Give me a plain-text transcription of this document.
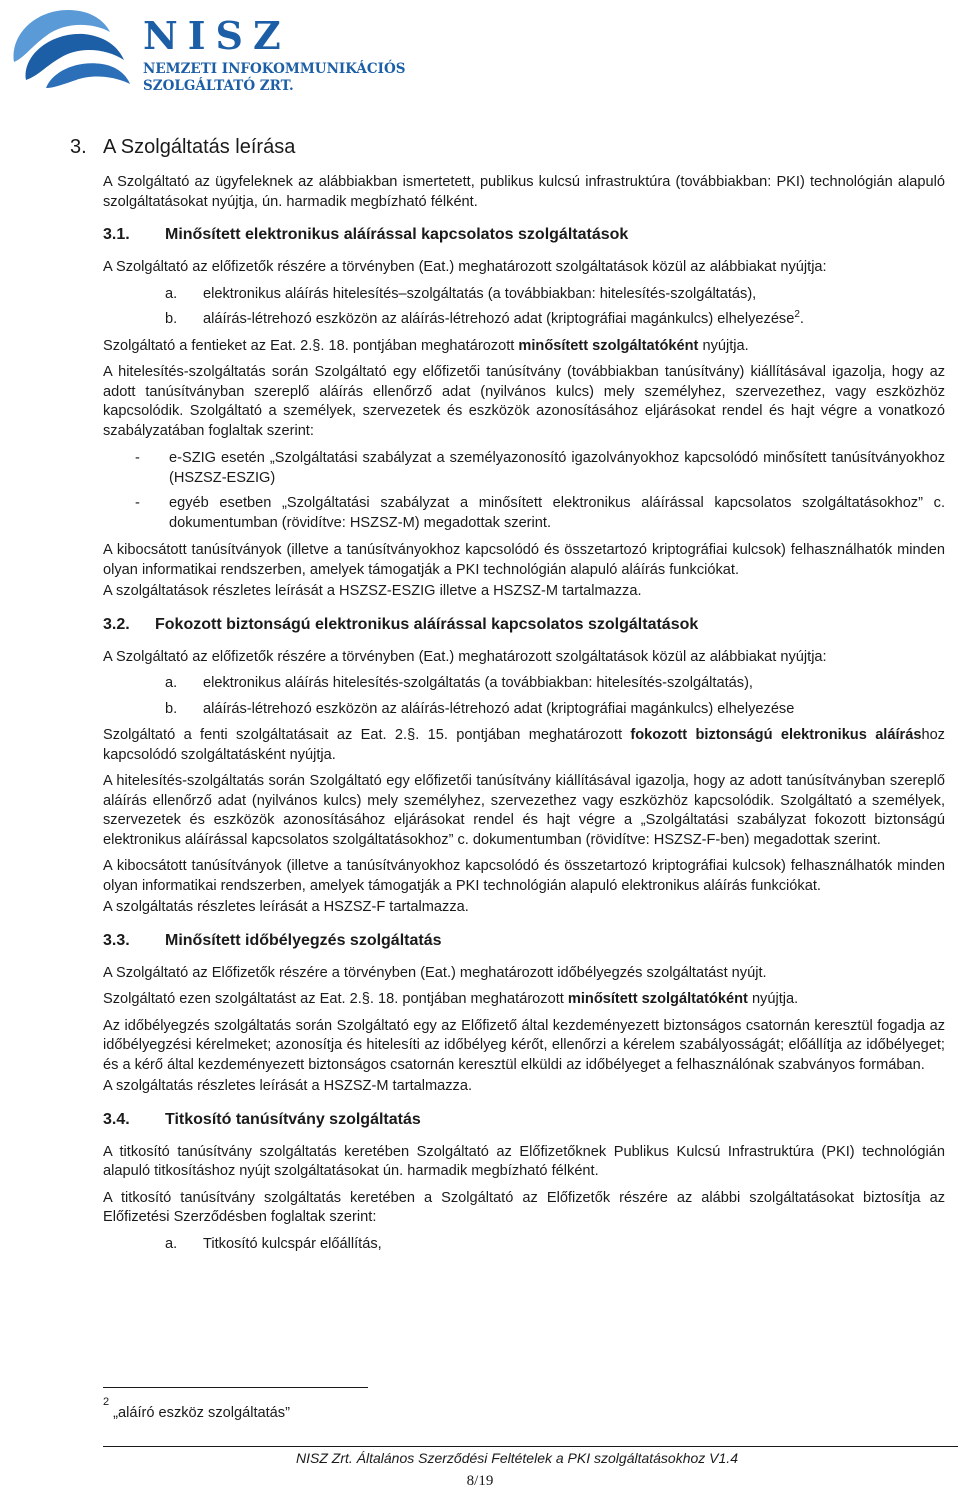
NISZ
NEMZETI INFOKOMMUNIKÁCIÓS
SZOLGÁLTATÓ ZRT.
3. A Szolgáltatás leírása

A Szolgáltató az ügyfeleknek az alábbiakban ismertetett, publikus kulcsú infrastruktúra (továbbiakban: PKI) technológián alapuló szolgáltatásokat nyújtja, ún. harmadik megbízható félként.

3.1. Minősített elektronikus aláírással kapcsolatos szolgáltatások

A Szolgáltató az előfizetők részére a törvényben (Eat.) meghatározott szolgáltatások közül az alábbiakat nyújtja:

a. elektronikus aláírás hitelesítés–szolgáltatás (a továbbiakban: hitelesítés-szolgáltatás),
b. aláírás-létrehozó eszközön az aláírás-létrehozó adat (kriptográfiai magánkulcs) elhelyezése$^2$.

Szolgáltató a fentieket az Eat. 2.§. 18. pontjában meghatározott minősített szolgáltatóként nyújtja.

A hitelesítés-szolgáltatás során Szolgáltató egy előfizetői tanúsítvány (továbbiakban tanúsítvány) kiállításával igazolja, hogy az adott tanúsítványban szereplő aláírás ellenőrző adat (nyilvános kulcs) mely személyhez, szervezethez, vagy eszközhöz kapcsolódik. Szolgáltató a személyek, szervezetek és eszközök azonosításához eljárásokat rendel és hajt végre a vonatkozó szabályzatában foglaltak szerint:

- e-SZIG esetén „Szolgáltatási szabályzat a személyazonosító igazolványokhoz kapcsolódó minősített tanúsítványokhoz (HSZSZ-ESZIG)
- egyéb esetben „Szolgáltatási szabályzat a minősített elektronikus aláírással kapcsolatos szolgáltatásokhoz” c. dokumentumban (rövidítve: HSZSZ-M) megadottak szerint.

A kibocsátott tanúsítványok (illetve a tanúsítványokhoz kapcsolódó és összetartozó kriptográfiai kulcsok) felhasználhatók minden olyan informatikai rendszerben, amelyek támogatják a PKI technológián alapuló aláírás funkciókat.

A szolgáltatások részletes leírását a HSZSZ-ESZIG illetve a HSZSZ-M tartalmazza.

3.2. Fokozott biztonságú elektronikus aláírással kapcsolatos szolgáltatások

A Szolgáltató az előfizetők részére a törvényben (Eat.) meghatározott szolgáltatások közül az alábbiakat nyújtja:

a. elektronikus aláírás hitelesítés-szolgáltatás (a továbbiakban: hitelesítés-szolgáltatás),
b. aláírás-létrehozó eszközön az aláírás-létrehozó adat (kriptográfiai magánkulcs) elhelyezése

Szolgáltató a fenti szolgáltatásait az Eat. 2.§. 15. pontjában meghatározott fokozott biztonságú elektronikus aláíráshoz kapcsolódó szolgáltatásként nyújtja.

A hitelesítés-szolgáltatás során Szolgáltató egy előfizetői tanúsítvány kiállításával igazolja, hogy az adott tanúsítványban szereplő aláírás ellenőrző adat (nyilvános kulcs) mely személyhez, szervezethez vagy eszközhöz kapcsolódik. Szolgáltató a személyek, szervezetek és eszközök azonosításához eljárásokat rendel és hajt végre a „Szolgáltatási szabályzat fokozott biztonságú elektronikus aláírással kapcsolatos szolgáltatásokhoz” c. dokumentumban (rövidítve: HSZSZ-F-ben) megadottak szerint.

A kibocsátott tanúsítványok (illetve a tanúsítványokhoz kapcsolódó és összetartozó kriptográfiai kulcsok) felhasználhatók minden olyan informatikai rendszerben, amelyek támogatják a PKI technológián alapuló elektronikus aláírás funkciókat.

A szolgáltatás részletes leírását a HSZSZ-F tartalmazza.

3.3. Minősített időbélyegzés szolgáltatás

A Szolgáltató az Előfizetők részére a törvényben (Eat.) meghatározott időbélyegzés szolgáltatást nyújt.

Szolgáltató ezen szolgáltatást az Eat. 2.§. 18. pontjában meghatározott minősített szolgáltatóként nyújtja.

Az időbélyegzés szolgáltatás során Szolgáltató egy az Előfizető által kezdeményezett biztonságos csatornán keresztül fogadja az időbélyegzési kérelmeket; azonosítja és hitelesíti az időbélyeg kérőt, ellenőrzi a kérelem szabályosságát; előállítja az időbélyeget; és a kérő által kezdeményezett biztonságos csatornán keresztül elküldi az időbélyeget a felhasználónak szabványos formában.

A szolgáltatás részletes leírását a HSZSZ-M tartalmazza.

3.4. Titkosító tanúsítvány szolgáltatás

A titkosító tanúsítvány szolgáltatás keretében Szolgáltató az Előfizetőknek Publikus Kulcsú Infrastruktúra (PKI) technológián alapuló titkosításhoz nyújt szolgáltatásokat ún. harmadik megbízható félként.

A titkosító tanúsítvány szolgáltatás keretében a Szolgáltató az Előfizetők részére az alábbi szolgáltatásokat biztosítja az Előfizetési Szerződésben foglaltak szerint:

a. Titkosító kulcspár előállítás,
$^2$„aláíró eszköz szolgáltatás”
NISZ Zrt. Általános Szerződési Feltételek a PKI szolgáltatásokhoz V1.4
8/19
